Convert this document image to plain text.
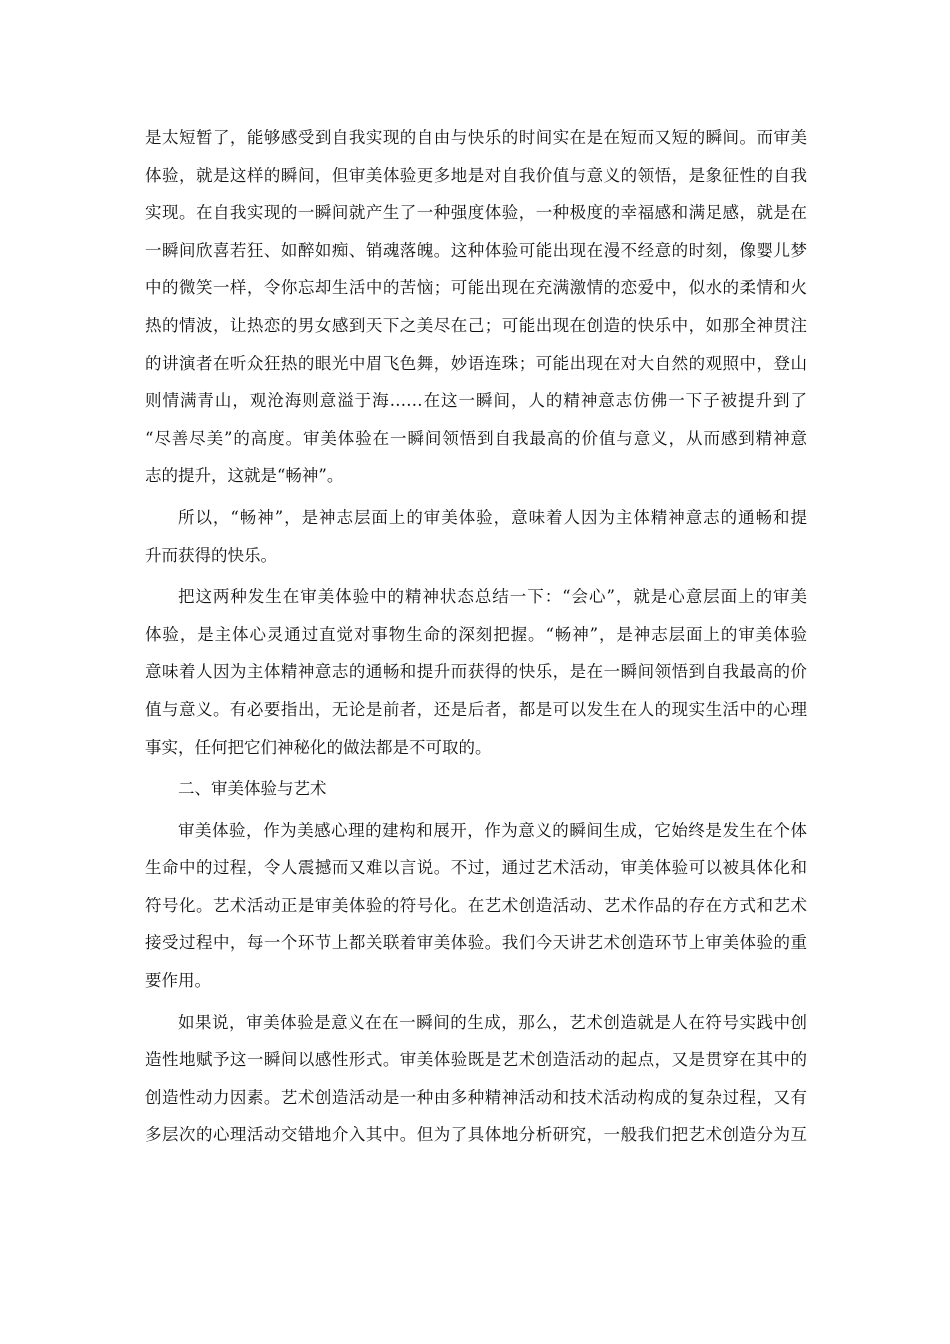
是太短暂了，能够感受到自我实现的自由与快乐的时间实在是在短而又短的瞬间。而审美
体验，就是这样的瞬间，但审美体验更多地是对自我价值与意义的领悟，是象征性的自我
实现。在自我实现的一瞬间就产生了一种强度体验，一种极度的幸福感和满足感，就是在
一瞬间欣喜若狂、如醉如痴、销魂落魄。这种体验可能出现在漫不经意的时刻，像婴儿梦
中的微笑一样，令你忘却生活中的苦恼；可能出现在充满激情的恋爱中，似水的柔情和火
热的情波，让热恋的男女感到天下之美尽在己；可能出现在创造的快乐中，如那全神贯注
的讲演者在听众狂热的眼光中眉飞色舞，妙语连珠；可能出现在对大自然的观照中，登山
则情满青山，观沧海则意溢于海……在这一瞬间，人的精神意志仿佛一下子被提升到了
“尽善尽美”的高度。审美体验在一瞬间领悟到自我最高的价值与意义，从而感到精神意
志的提升，这就是“畅神”。
所以，“畅神”，是神志层面上的审美体验，意味着人因为主体精神意志的通畅和提
升而获得的快乐。
把这两种发生在审美体验中的精神状态总结一下：“会心”，就是心意层面上的审美
体验，是主体心灵通过直觉对事物生命的深刻把握。“畅神”，是神志层面上的审美体验
意味着人因为主体精神意志的通畅和提升而获得的快乐，是在一瞬间领悟到自我最高的价
值与意义。有必要指出，无论是前者，还是后者，都是可以发生在人的现实生活中的心理
事实，任何把它们神秘化的做法都是不可取的。
二、审美体验与艺术
审美体验，作为美感心理的建构和展开，作为意义的瞬间生成，它始终是发生在个体
生命中的过程，令人震撼而又难以言说。不过，通过艺术活动，审美体验可以被具体化和
符号化。艺术活动正是审美体验的符号化。在艺术创造活动、艺术作品的存在方式和艺术
接受过程中，每一个环节上都关联着审美体验。我们今天讲艺术创造环节上审美体验的重
要作用。
如果说，审美体验是意义在在一瞬间的生成，那么，艺术创造就是人在符号实践中创
造性地赋予这一瞬间以感性形式。审美体验既是艺术创造活动的起点，又是贯穿在其中的
创造性动力因素。艺术创造活动是一种由多种精神活动和技术活动构成的复杂过程，又有
多层次的心理活动交错地介入其中。但为了具体地分析研究，一般我们把艺术创造分为互
